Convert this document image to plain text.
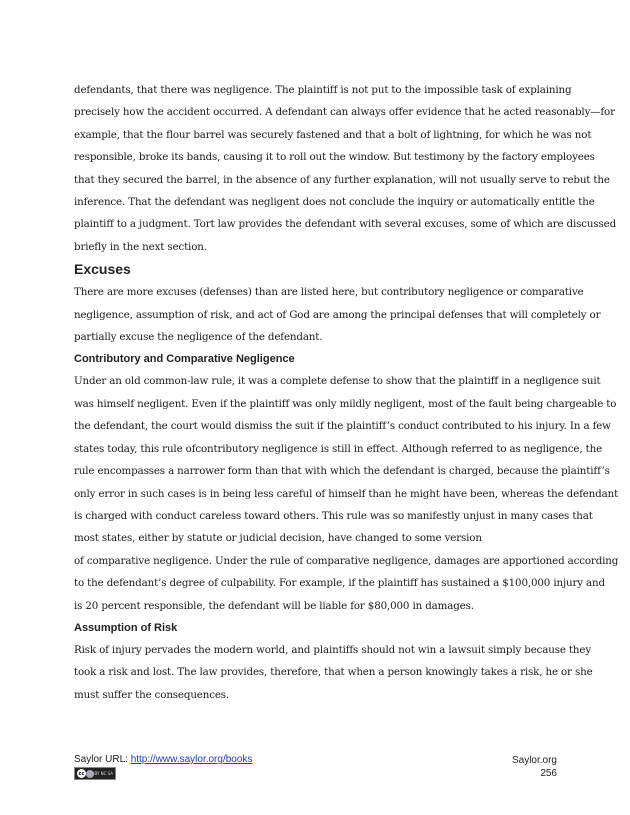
defendants, that there was negligence. The plaintiff is not put to the impossible task of explaining
precisely how the accident occurred. A defendant can always offer evidence that he acted reasonably—for
example, that the flour barrel was securely fastened and that a bolt of lightning, for which he was not
responsible, broke its bands, causing it to roll out the window. But testimony by the factory employees
that they secured the barrel, in the absence of any further explanation, will not usually serve to rebut the
inference. That the defendant was negligent does not conclude the inquiry or automatically entitle the
plaintiff to a judgment. Tort law provides the defendant with several excuses, some of which are discussed
briefly in the next section.

Excuses

There are more excuses (defenses) than are listed here, but contributory negligence or comparative
negligence, assumption of risk, and act of God are among the principal defenses that will completely or
partially excuse the negligence of the defendant.

Contributory and Comparative Negligence

Under an old common-law rule, it was a complete defense to show that the plaintiff in a negligence suit
was himself negligent. Even if the plaintiff was only mildly negligent, most of the fault being chargeable to
the defendant, the court would dismiss the suit if the plaintiff’s conduct contributed to his injury. In a few
states today, this rule ofcontributory negligence is still in effect. Although referred to as negligence, the
rule encompasses a narrower form than that with which the defendant is charged, because the plaintiff’s
only error in such cases is in being less careful of himself than he might have been, whereas the defendant
is charged with conduct careless toward others. This rule was so manifestly unjust in many cases that
most states, either by statute or judicial decision, have changed to some version
of comparative negligence. Under the rule of comparative negligence, damages are apportioned according
to the defendant’s degree of culpability. For example, if the plaintiff has sustained a $100,000 injury and
is 20 percent responsible, the defendant will be liable for $80,000 in damages.

Assumption of Risk

Risk of injury pervades the modern world, and plaintiffs should not win a lawsuit simply because they
took a risk and lost. The law provides, therefore, that when a person knowingly takes a risk, he or she
must suffer the consequences.

Saylor URL: http://www.saylor.org/books
cc	BY NC SA
Saylor.org
256
